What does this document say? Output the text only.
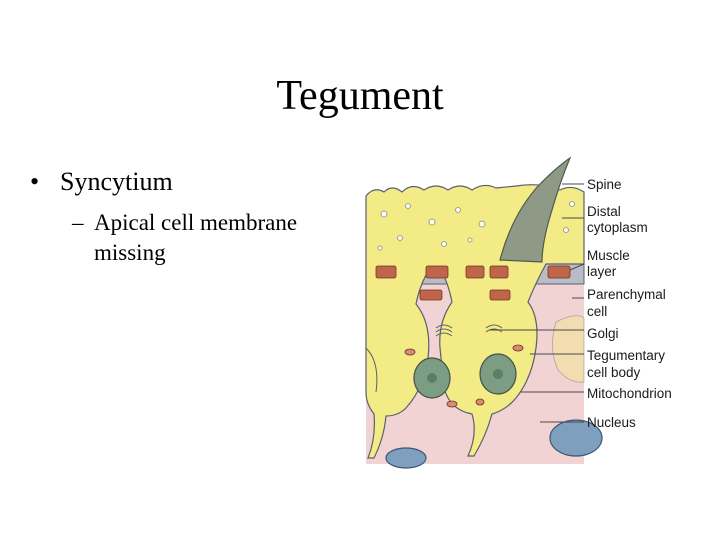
Tegument
• Syncytium
– Apical cell membrane missing
Spine
Distal
cytoplasm
Muscle
layer
Parenchymal
cell
Golgi
Tegumentary
cell body
Mitochondrion
Nucleus
